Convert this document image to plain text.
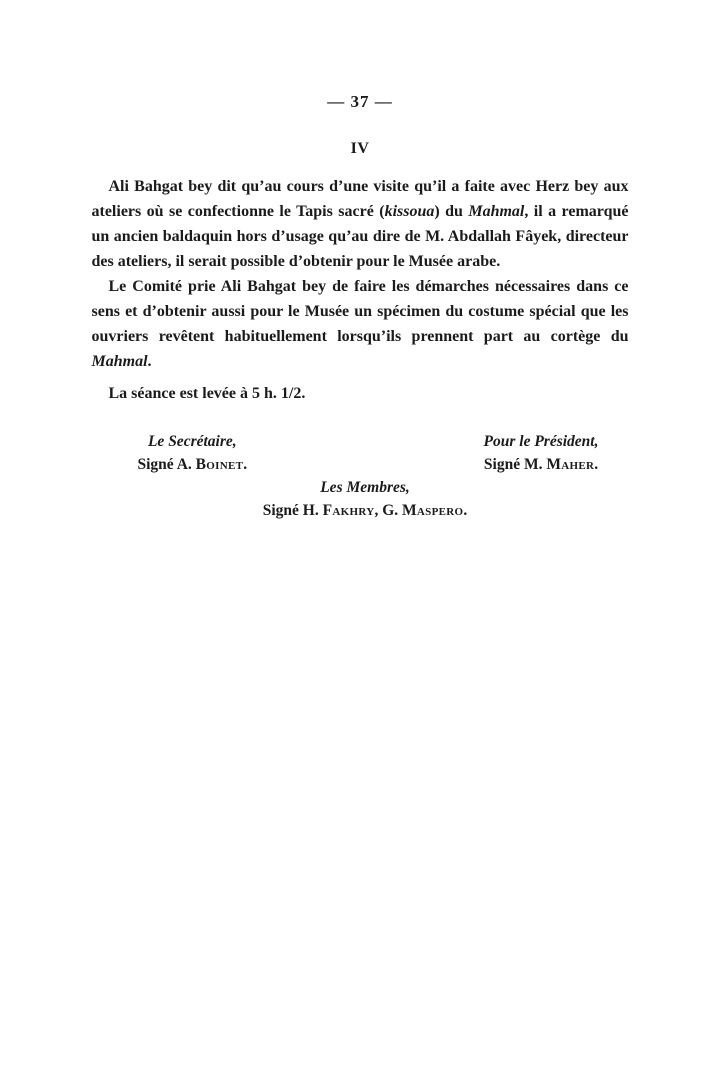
— 37 —
IV

Ali Bahgat bey dit qu’au cours d’une visite qu’il a faite avec Herz bey aux ateliers où se confectionne le Tapis sacré (kissoua) du Mahmal, il a remarqué un ancien baldaquin hors d’usage qu’au dire de M. Abdallah Fâyek, directeur des ateliers, il serait possible d’obtenir pour le Musée arabe.

Le Comité prie Ali Bahgat bey de faire les démarches nécessaires dans ce sens et d’obtenir aussi pour le Musée un spécimen du costume spécial que les ouvriers revêtent habituellement lorsqu’ils prennent part au cortège du Mahmal.

La séance est levée à 5 h. 1/2.
Le Secrétaire,
Signé A. Boinet.
Pour le Président,
Signé M. Maher.
Les Membres,
Signé H. Fakhry, G. Maspero.
